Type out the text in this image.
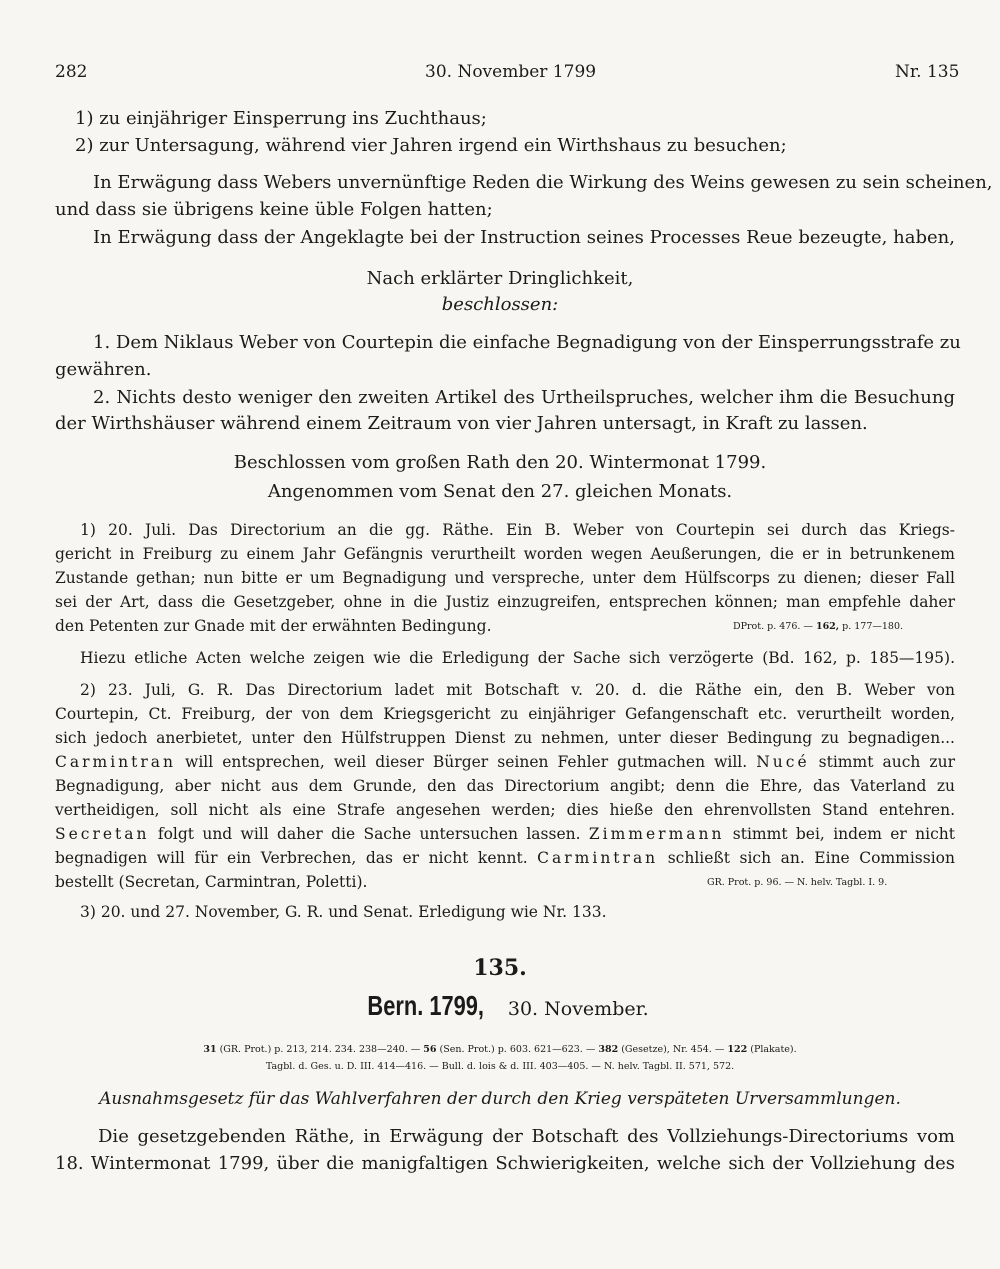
282	30. November 1799	Nr. 135
1) zu einjähriger Einsperrung ins Zuchthaus;
2) zur Untersagung, während vier Jahren irgend ein Wirthshaus zu besuchen;
In Erwägung dass Webers unvernünftige Reden die Wirkung des Weins gewesen zu sein scheinen,
und dass sie übrigens keine üble Folgen hatten;
In Erwägung dass der Angeklagte bei der Instruction seines Processes Reue bezeugte, haben,
Nach erklärter Dringlichkeit,
beschlossen:
1. Dem Niklaus Weber von Courtepin die einfache Begnadigung von der Einsperrungsstrafe zu
gewähren.
2. Nichts desto weniger den zweiten Artikel des Urtheilspruches, welcher ihm die Besuchung
der Wirthshäuser während einem Zeitraum von vier Jahren untersagt, in Kraft zu lassen.
Beschlossen vom großen Rath den 20. Wintermonat 1799.
Angenommen vom Senat den 27. gleichen Monats.
1) 20. Juli. Das Directorium an die gg. Räthe. Ein B. Weber von Courtepin sei durch das Kriegs-
gericht in Freiburg zu einem Jahr Gefängnis verurtheilt worden wegen Aeußerungen, die er in betrunkenem
Zustande gethan; nun bitte er um Begnadigung und verspreche, unter dem Hülfscorps zu dienen; dieser Fall
sei der Art, dass die Gesetzgeber, ohne in die Justiz einzugreifen, entsprechen können; man empfehle daher
den Petenten zur Gnade mit der erwähnten Bedingung.	DProt. p. 476. — 162, p. 177—180.
Hiezu etliche Acten welche zeigen wie die Erledigung der Sache sich verzögerte (Bd. 162, p. 185—195).
2) 23. Juli, G. R. Das Directorium ladet mit Botschaft v. 20. d. die Räthe ein, den B. Weber von
Courtepin, Ct. Freiburg, der von dem Kriegsgericht zu einjähriger Gefangenschaft etc. verurtheilt worden,
sich jedoch anerbietet, unter den Hülfstruppen Dienst zu nehmen, unter dieser Bedingung zu begnadigen...
Carmintran will entsprechen, weil dieser Bürger seinen Fehler gutmachen will. Nucé stimmt auch zur
Begnadigung, aber nicht aus dem Grunde, den das Directorium angibt; denn die Ehre, das Vaterland zu
vertheidigen, soll nicht als eine Strafe angesehen werden; dies hieße den ehrenvollsten Stand entehren.
Secretan folgt und will daher die Sache untersuchen lassen. Zimmermann stimmt bei, indem er nicht
begnadigen will für ein Verbrechen, das er nicht kennt. Carmintran schließt sich an. Eine Commission
bestellt (Secretan, Carmintran, Poletti).	GR. Prot. p. 96. — N. helv. Tagbl. I. 9.
3) 20. und 27. November, G. R. und Senat. Erledigung wie Nr. 133.
135.
Bern. 1799, 30. November.
31 (GR. Prot.) p. 213, 214. 234. 238—240. — 56 (Sen. Prot.) p. 603. 621—623. — 382 (Gesetze), Nr. 454. — 122 (Plakate).
Tagbl. d. Ges. u. D. III. 414—416. — Bull. d. lois & d. III. 403—405. — N. helv. Tagbl. II. 571, 572.
Ausnahmsgesetz für das Wahlverfahren der durch den Krieg verspäteten Urversammlungen.
Die gesetzgebenden Räthe, in Erwägung der Botschaft des Vollziehungs-Directoriums vom
18. Wintermonat 1799, über die manigfaltigen Schwierigkeiten, welche sich der Vollziehung des
